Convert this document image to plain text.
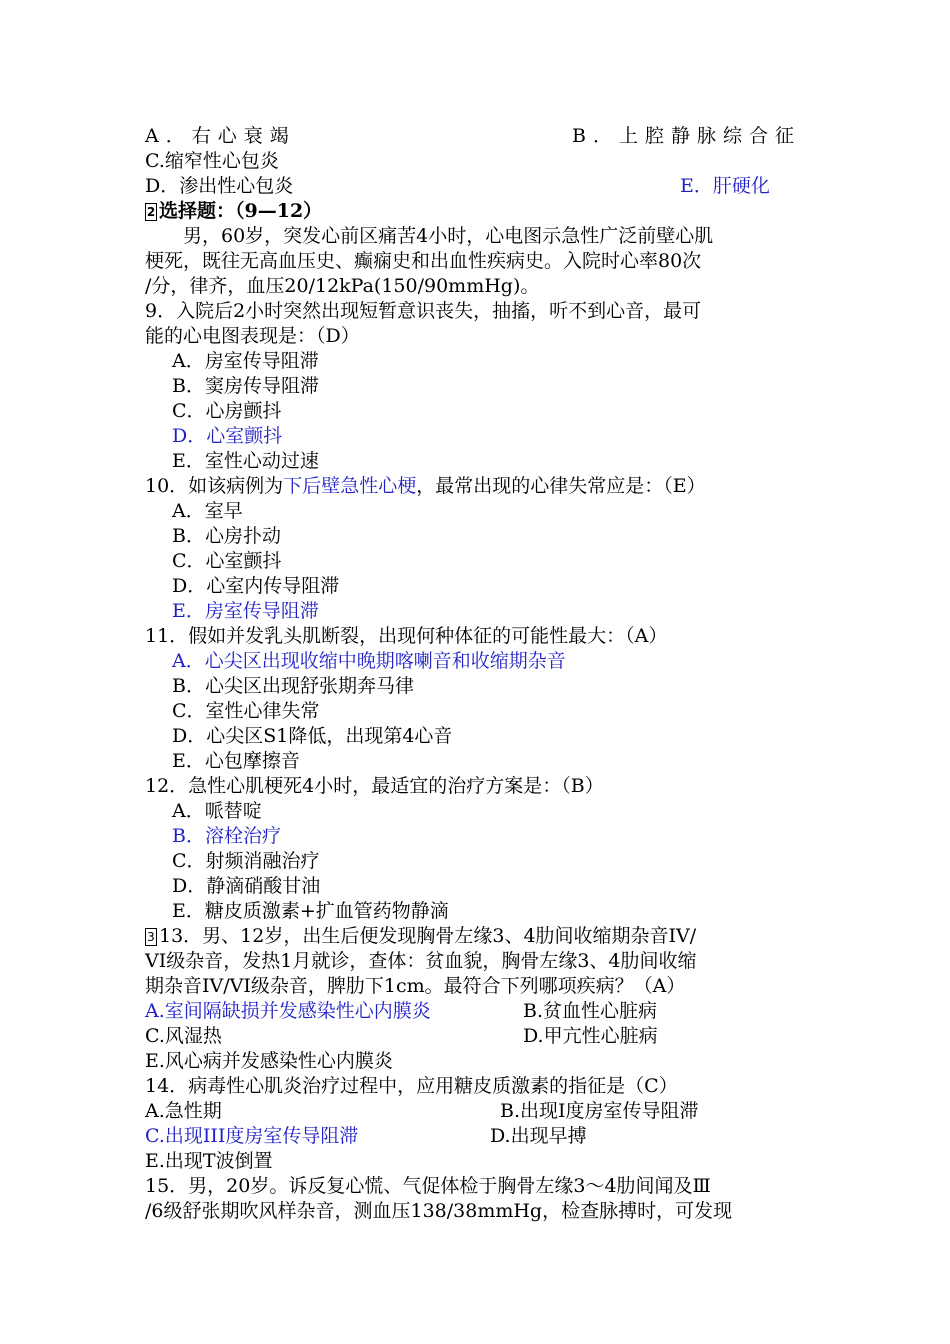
A．右心衰竭	B．上腔静脉综合征
C.缩窄性心包炎
D．渗出性心包炎	E．肝硬化
2 选择题：（9—12）
男，60岁，突发心前区痛苦4小时，心电图示急性广泛前壁心肌
梗死，既往无高血压史、癫痫史和出血性疾病史。入院时心率80次
/分，律齐，血压20/12kPa(150/90mmHg)。
9．入院后2小时突然出现短暂意识丧失，抽搐，听不到心音，最可
能的心电图表现是：（D）
A．房室传导阻滞
B．窦房传导阻滞
C．心房颤抖
D．心室颤抖
E．室性心动过速
10．如该病例为下后壁急性心梗，最常出现的心律失常应是：（E）
A．室早
B．心房扑动
C．心室颤抖
D．心室内传导阻滞
E．房室传导阻滞
11．假如并发乳头肌断裂，出现何种体征的可能性最大：（A）
A．心尖区出现收缩中晚期喀喇音和收缩期杂音
B．心尖区出现舒张期奔马律
C．室性心律失常
D．心尖区S1降低，出现第4心音
E．心包摩擦音
12．急性心肌梗死4小时，最适宜的治疗方案是：（B）
A．哌替啶
B．溶栓治疗
C．射频消融治疗
D．静滴硝酸甘油
E．糖皮质激素+扩血管药物静滴
3 13．男、12岁，出生后便发现胸骨左缘3、4肋间收缩期杂音IV/
VI级杂音，发热1月就诊，查体：贫血貌，胸骨左缘3、4肋间收缩
期杂音IV/VI级杂音，脾肋下1cm。最符合下列哪项疾病？（A）
A.室间隔缺损并发感染性心内膜炎	B.贫血性心脏病
C.风湿热	D.甲亢性心脏病
E.风心病并发感染性心内膜炎
14．病毒性心肌炎治疗过程中，应用糖皮质激素的指征是（C）
A.急性期	B.出现I度房室传导阻滞
C.出现III度房室传导阻滞	D.出现早搏
E.出现T波倒置
15．男，20岁。诉反复心慌、气促体检于胸骨左缘3～4肋间闻及Ⅲ
/6级舒张期吹风样杂音，测血压138/38mmHg，检查脉搏时，可发现
